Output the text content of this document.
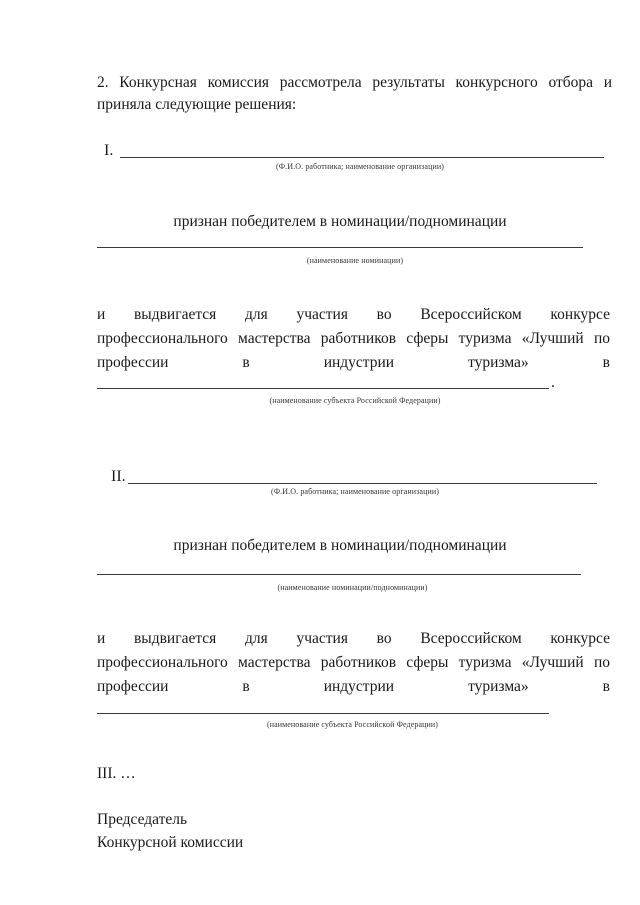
2. Конкурсная комиссия рассмотрела результаты конкурсного отбора и
приняла следующие решения:
I.
(Ф.И.О. работника; наименование организации)
признан победителем в номинации/подноминации
(наименование номинации)
и выдвигается для участия во Всероссийском конкурсе
профессионального мастерства работников сферы туризма «Лучший по
профессии	в	индустрии	туризма»	в
.
(наименование субъекта Российской Федерации)
II.
(Ф.И.О. работника; наименование организации)
признан победителем в номинации/подноминации
(наименование номинации/подноминации)
и выдвигается для участия во Всероссийском конкурсе
профессионального мастерства работников сферы туризма «Лучший по
профессии	в	индустрии	туризма»	в
(наименование субъекта Российской Федерации)
III. …
Председатель
Конкурсной комиссии
